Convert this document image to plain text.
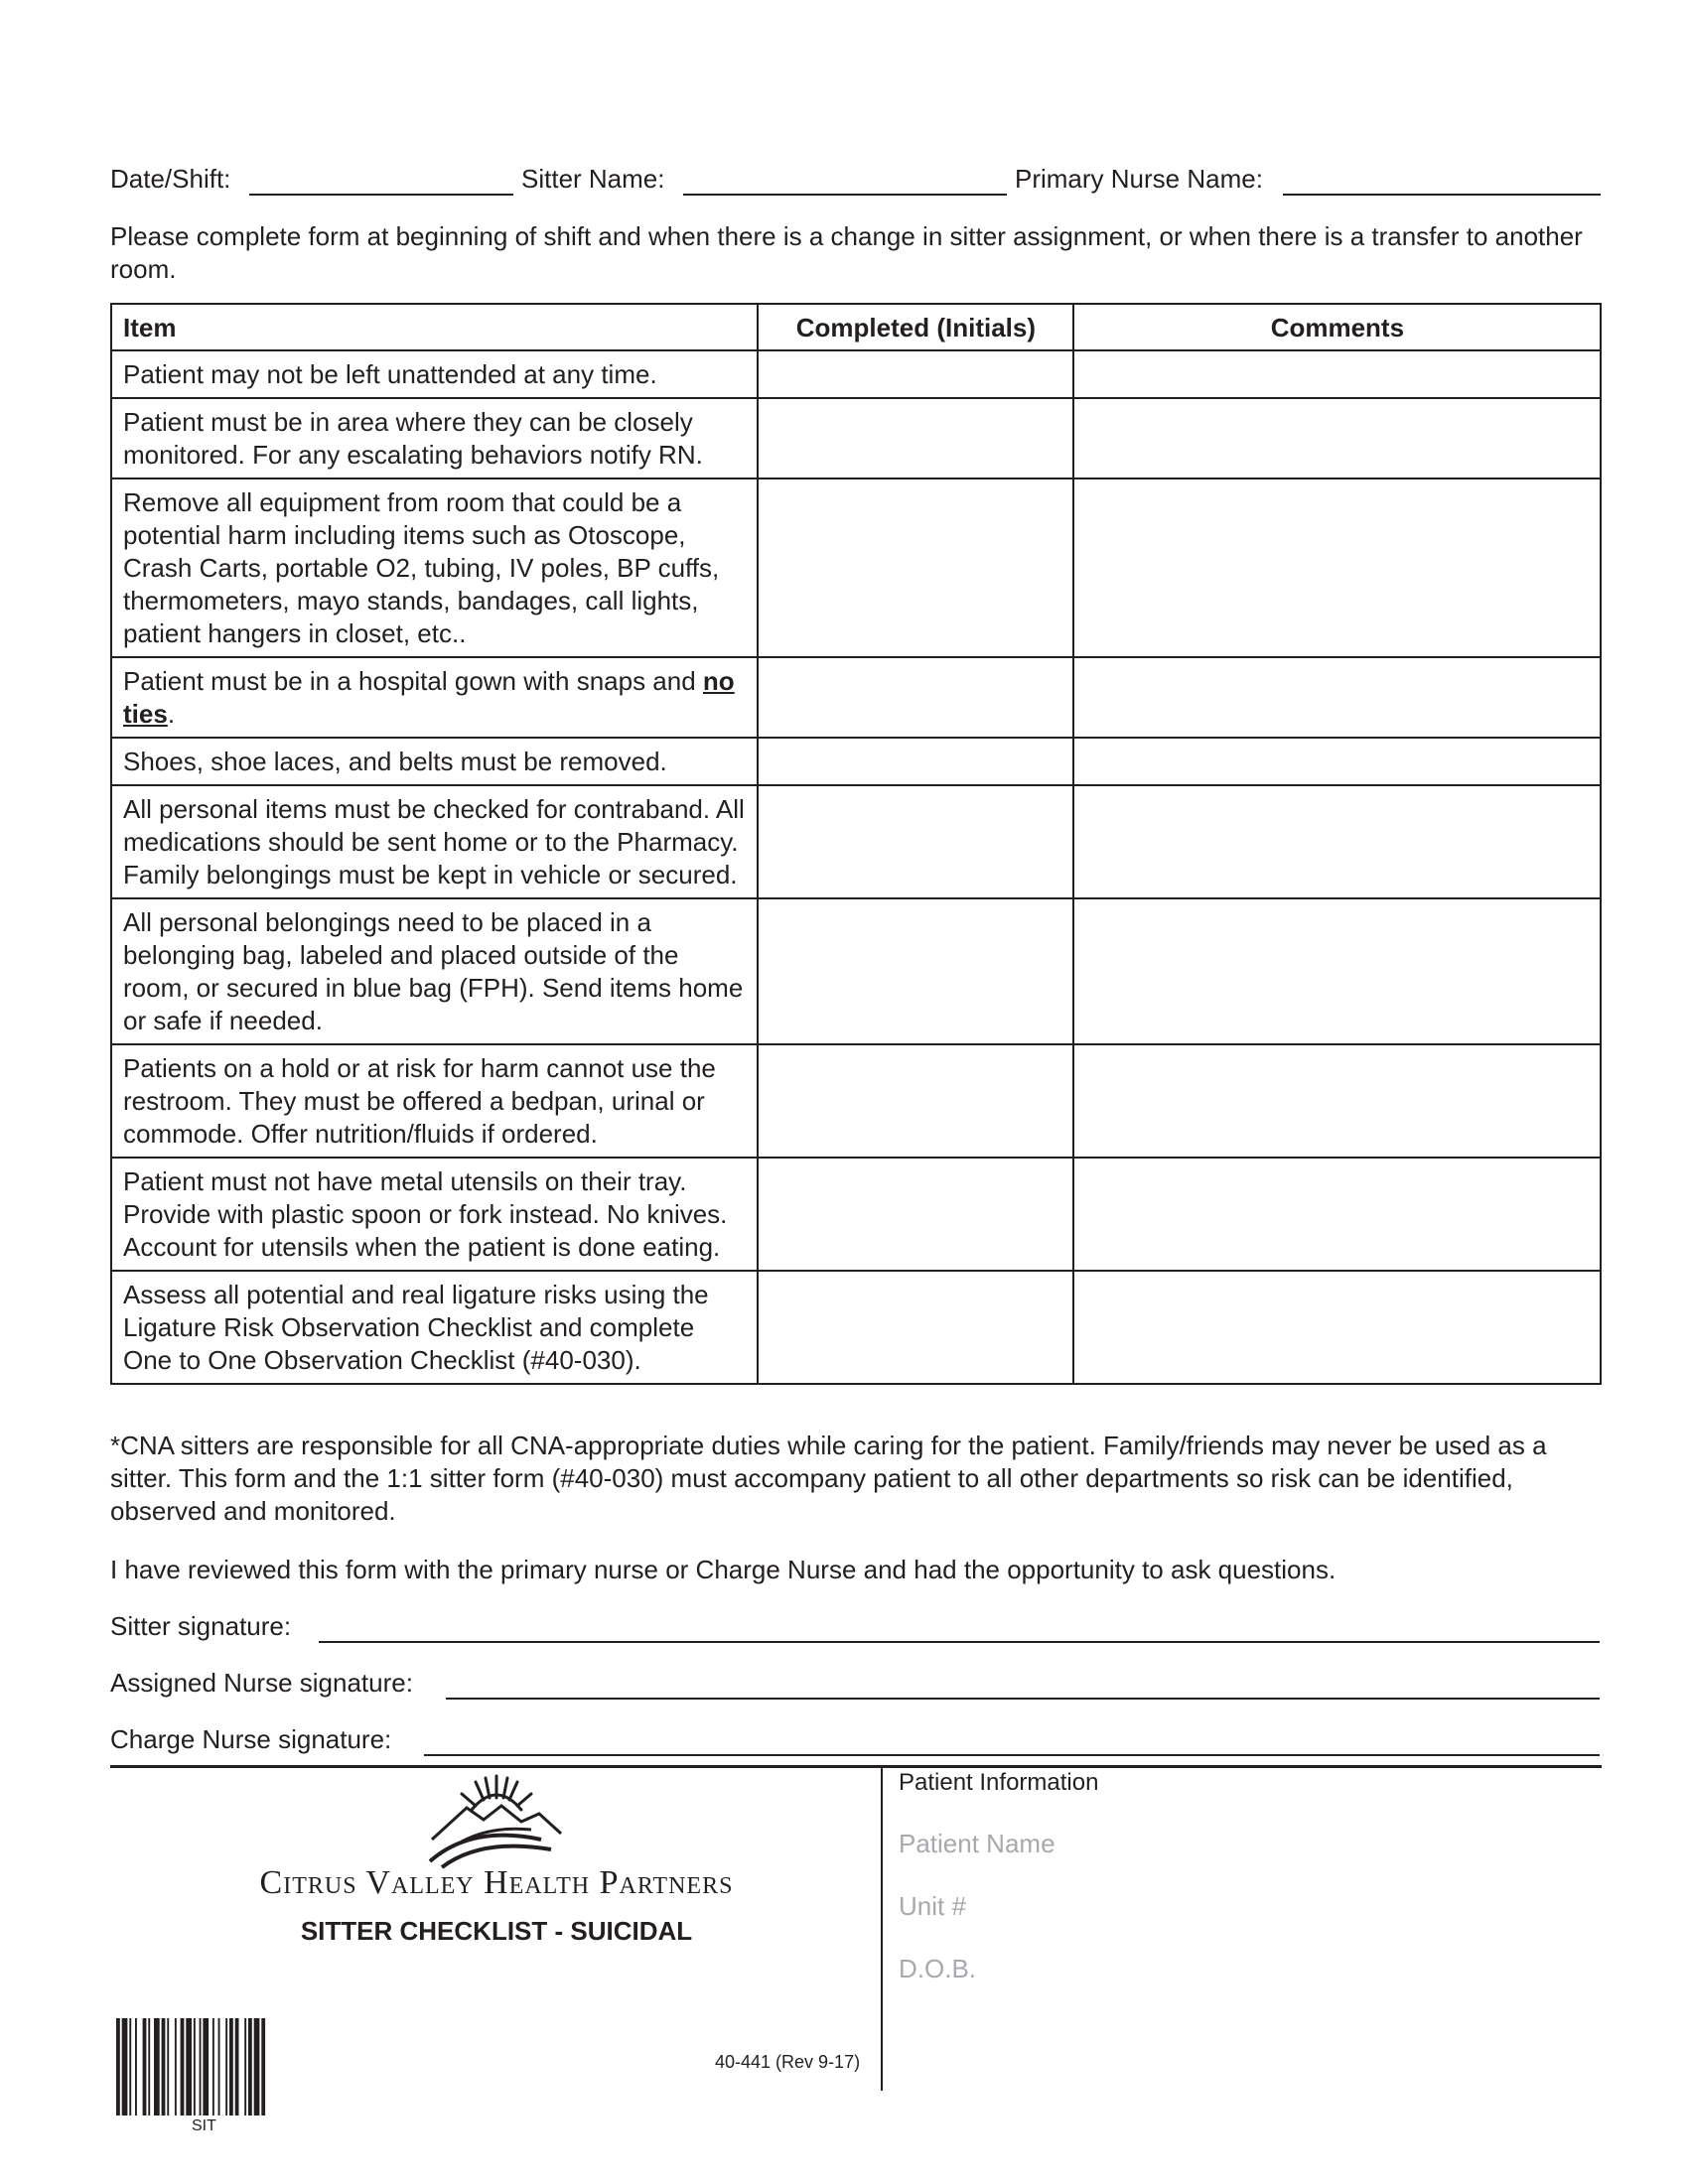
Date/Shift:	Sitter Name:	Primary Nurse Name:
Please complete form at beginning of shift and when there is a change in sitter assignment, or when there is a transfer to another room.
Item	Completed (Initials)	Comments
Patient may not be left unattended at any time.		
Patient must be in area where they can be closely monitored. For any escalating behaviors notify RN.		
Remove all equipment from room that could be a potential harm including items such as Otoscope, Crash Carts, portable O2, tubing, IV poles, BP cuffs, thermometers, mayo stands, bandages, call lights, patient hangers in closet, etc..		
Patient must be in a hospital gown with snaps and no ties.		
Shoes, shoe laces, and belts must be removed.		
All personal items must be checked for contraband. All medications should be sent home or to the Pharmacy. Family belongings must be kept in vehicle or secured.		
All personal belongings need to be placed in a belonging bag, labeled and placed outside of the room, or secured in blue bag (FPH). Send items home or safe if needed.		
Patients on a hold or at risk for harm cannot use the restroom. They must be offered a bedpan, urinal or commode. Offer nutrition/fluids if ordered.		
Patient must not have metal utensils on their tray. Provide with plastic spoon or fork instead. No knives. Account for utensils when the patient is done eating.		
Assess all potential and real ligature risks using the Ligature Risk Observation Checklist and complete One to One Observation Checklist (#40-030).		
*CNA sitters are responsible for all CNA-appropriate duties while caring for the patient. Family/friends may never be used as a sitter. This form and the 1:1 sitter form (#40-030) must accompany patient to all other departments so risk can be identified, observed and monitored.
I have reviewed this form with the primary nurse or Charge Nurse and had the opportunity to ask questions.
Sitter signature:
Assigned Nurse signature:
Charge Nurse signature:
Citrus Valley Health Partners
SITTER CHECKLIST - SUICIDAL
Patient Information
Patient Name
Unit #
D.O.B.
SIT
40-441 (Rev 9-17)
